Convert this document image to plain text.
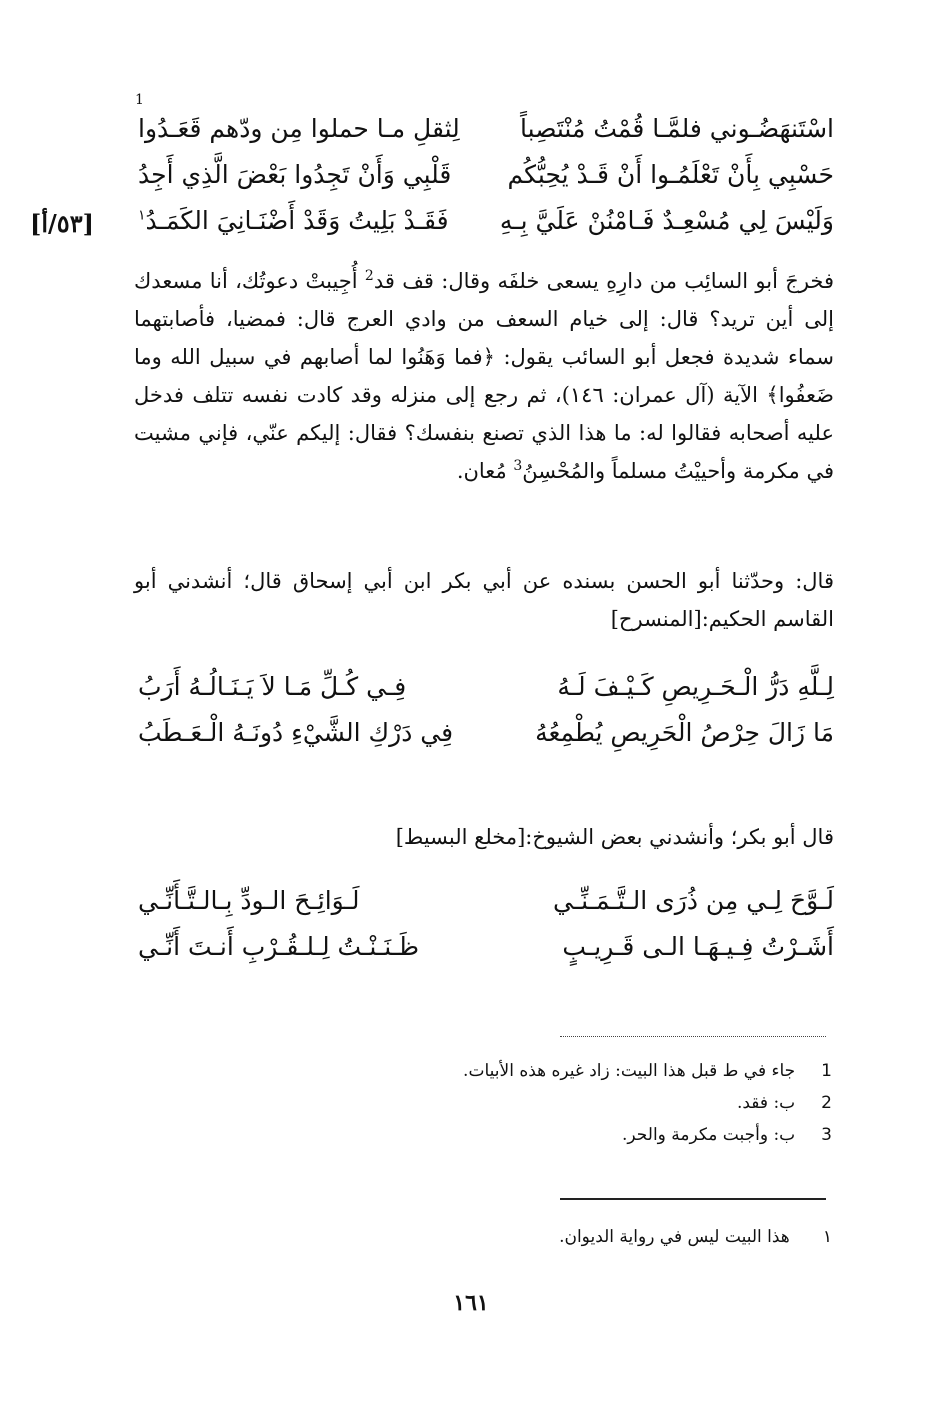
1
اسْتَنهَضُـوني فلمَّـا قُمْتُ مُنْتَصِباً
لِثقلِ مـا حملوا مِن ودّهم قَعَـدُوا
حَسْبِي بِأَنْ تَعْلَمُـوا أَنْ قَـدْ يُحِبُّكُم
قَلْبِي وَأَنْ تَجِدُوا بَعْضَ الَّذِي أَجِدُ
وَلَيْسَ لِي مُسْعِـدٌ فَـامْنُنْ عَلَيَّ بِـهِ
فَقَـدْ بَلِيتُ وَقَدْ أَضْنَـانِيَ الكَمَـدُ$^١$
[٥٣/أ]

فخرجَ أبو السائِب من دارِهِ يسعى خلفَه وقال: قف قد$^2$ أُجِيبتْ دعوتُك، أنا مسعدك إلى أين تريد؟ قال: إلى خيام السعف من وادي العرج قال: فمضيا، فأصابتهما سماء شديدة فجعل أبو السائب يقول: ﴿فما وَهَنُوا لما أصابهم في سبيل الله وما ضَعفُوا﴾ الآية (آل عمران: ١٤٦)، ثم رجع إلى منزله وقد كادت نفسه تتلف فدخل عليه أصحابه فقالوا له: ما هذا الذي تصنع بنفسك؟ فقال: إليكم عنّي، فإني مشيت في مكرمة وأحييْتُ مسلماً والمُحْسِنُ$^3$ مُعان.

قال: وحدّثنا أبو الحسن بسنده عن أبي بكر ابن أبي إسحاق قال؛ أنشدني أبو القاسم الحكيم:[المنسرح]

لِـلَّهِ دَرُّ الْـحَـرِيصِ كَـيْـفَ لَـهُ
فِـي كُـلِّ مَـا لاَ يَـنَـالُـهُ أَرَبُ
مَا زَالَ حِرْصُ الْحَرِيصِ يُطْمِعُهُ
فِي دَرْكِ الشَّيْءِ دُونَـهُ الْـعَـطَبُ

قال أبو بكر؛ وأنشدني بعض الشيوخ:[مخلع البسيط]

لَـوَّحَ لِـي مِن ذُرَى الـتَّـمَـنِّـي
لَـوَائِـحَ الـودِّ بِـالـتَّـأَنِّـي
أَشَـرْتُ فِـيـهَـا الـى قَـرِيـبٍ
ظَـنَـنْـتُ لِـلـقُـرْبِ أَنـتَ أَنِّـي
1  جاء في ط قبل هذا البيت: زاد غيره هذه الأبيات.
2  ب: فقد.
3  ب: وأجبت مكرمة والحر.
١   هذا البيت ليس في رواية الديوان.
١٦١
